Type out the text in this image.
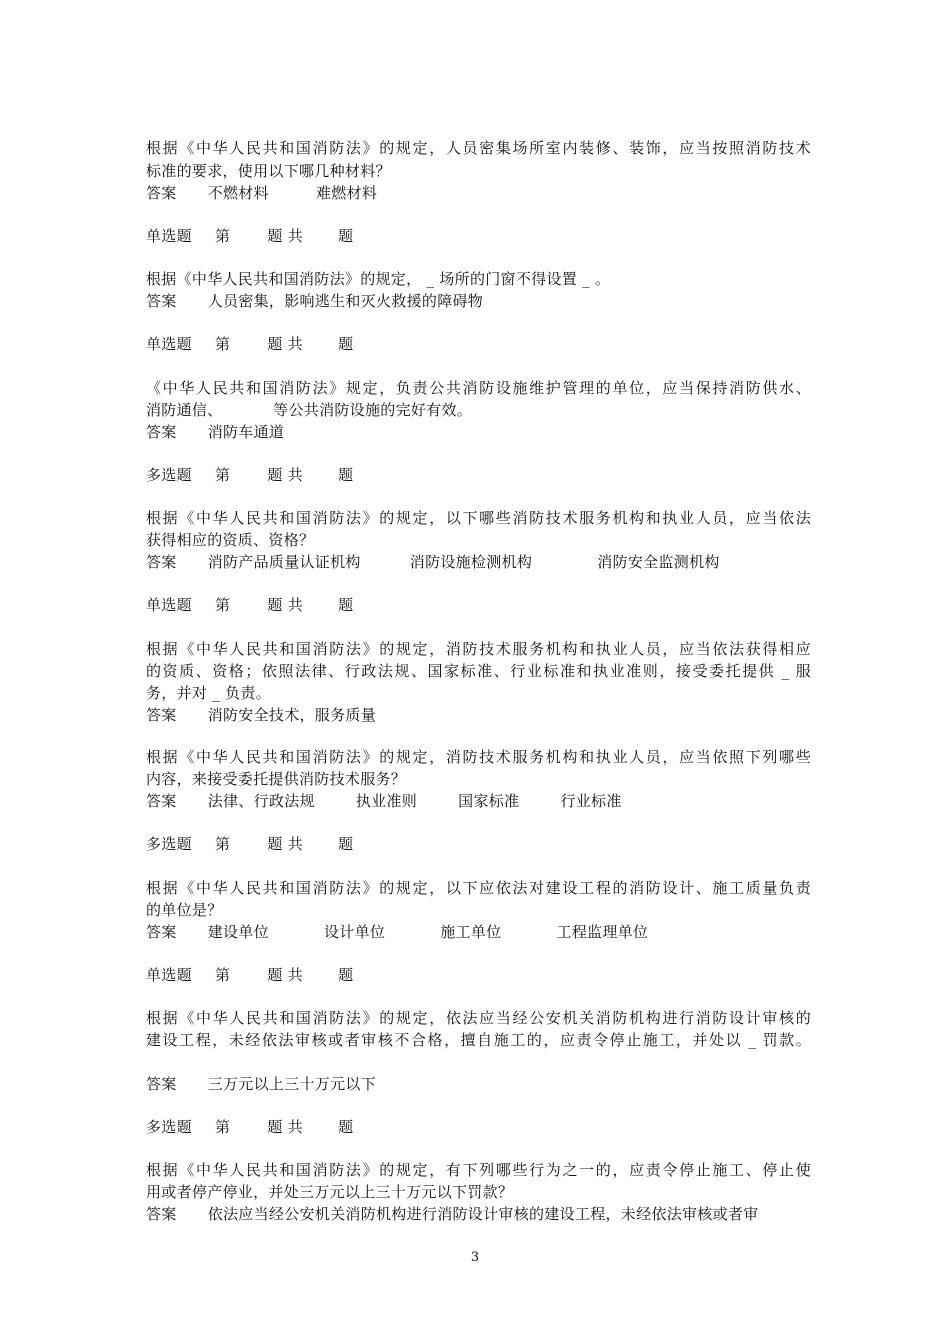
根据《中华人民共和国消防法》的规定，人员密集场所室内装修、装饰，应当按照消防技术
标准的要求，使用以下哪几种材料？
答案 不燃材料	难燃材料
单选题 第 题 共 题
根据《中华人民共和国消防法》的规定， _ 场所的门窗不得设置 _ 。
答案 人员密集，影响逃生和灭火救援的障碍物
单选题 第 题 共 题
《中华人民共和国消防法》规定，负责公共消防设施维护管理的单位，应当保持消防供水、
消防通信、          等公共消防设施的完好有效。
答案 消防车通道
多选题 第 题 共 题
根据《中华人民共和国消防法》的规定，以下哪些消防技术服务机构和执业人员，应当依法
获得相应的资质、资格？
答案 消防产品质量认证机构	消防设施检测机构	消防安全监测机构
单选题 第 题 共 题
根据《中华人民共和国消防法》的规定，消防技术服务机构和执业人员，应当依法获得相应
的资质、资格；依照法律、行政法规、国家标准、行业标准和执业准则，接受委托提供 _ 服
务，并对 _ 负责。
答案 消防安全技术，服务质量
根据《中华人民共和国消防法》的规定，消防技术服务机构和执业人员，应当依照下列哪些
内容，来接受委托提供消防技术服务？
答案 法律、行政法规	执业准则	国家标准	行业标准
多选题 第 题 共 题
根据《中华人民共和国消防法》的规定，以下应依法对建设工程的消防设计、施工质量负责
的单位是？
答案 建设单位	设计单位	施工单位	工程监理单位
单选题 第 题 共 题
根据《中华人民共和国消防法》的规定，依法应当经公安机关消防机构进行消防设计审核的
建设工程，未经依法审核或者审核不合格，擅自施工的，应责令停止施工，并处以 _ 罚款。
答案 三万元以上三十万元以下
多选题 第 题 共 题
根据《中华人民共和国消防法》的规定，有下列哪些行为之一的，应责令停止施工、停止使
用或者停产停业，并处三万元以上三十万元以下罚款？
答案 依法应当经公安机关消防机构进行消防设计审核的建设工程，未经依法审核或者审
3
